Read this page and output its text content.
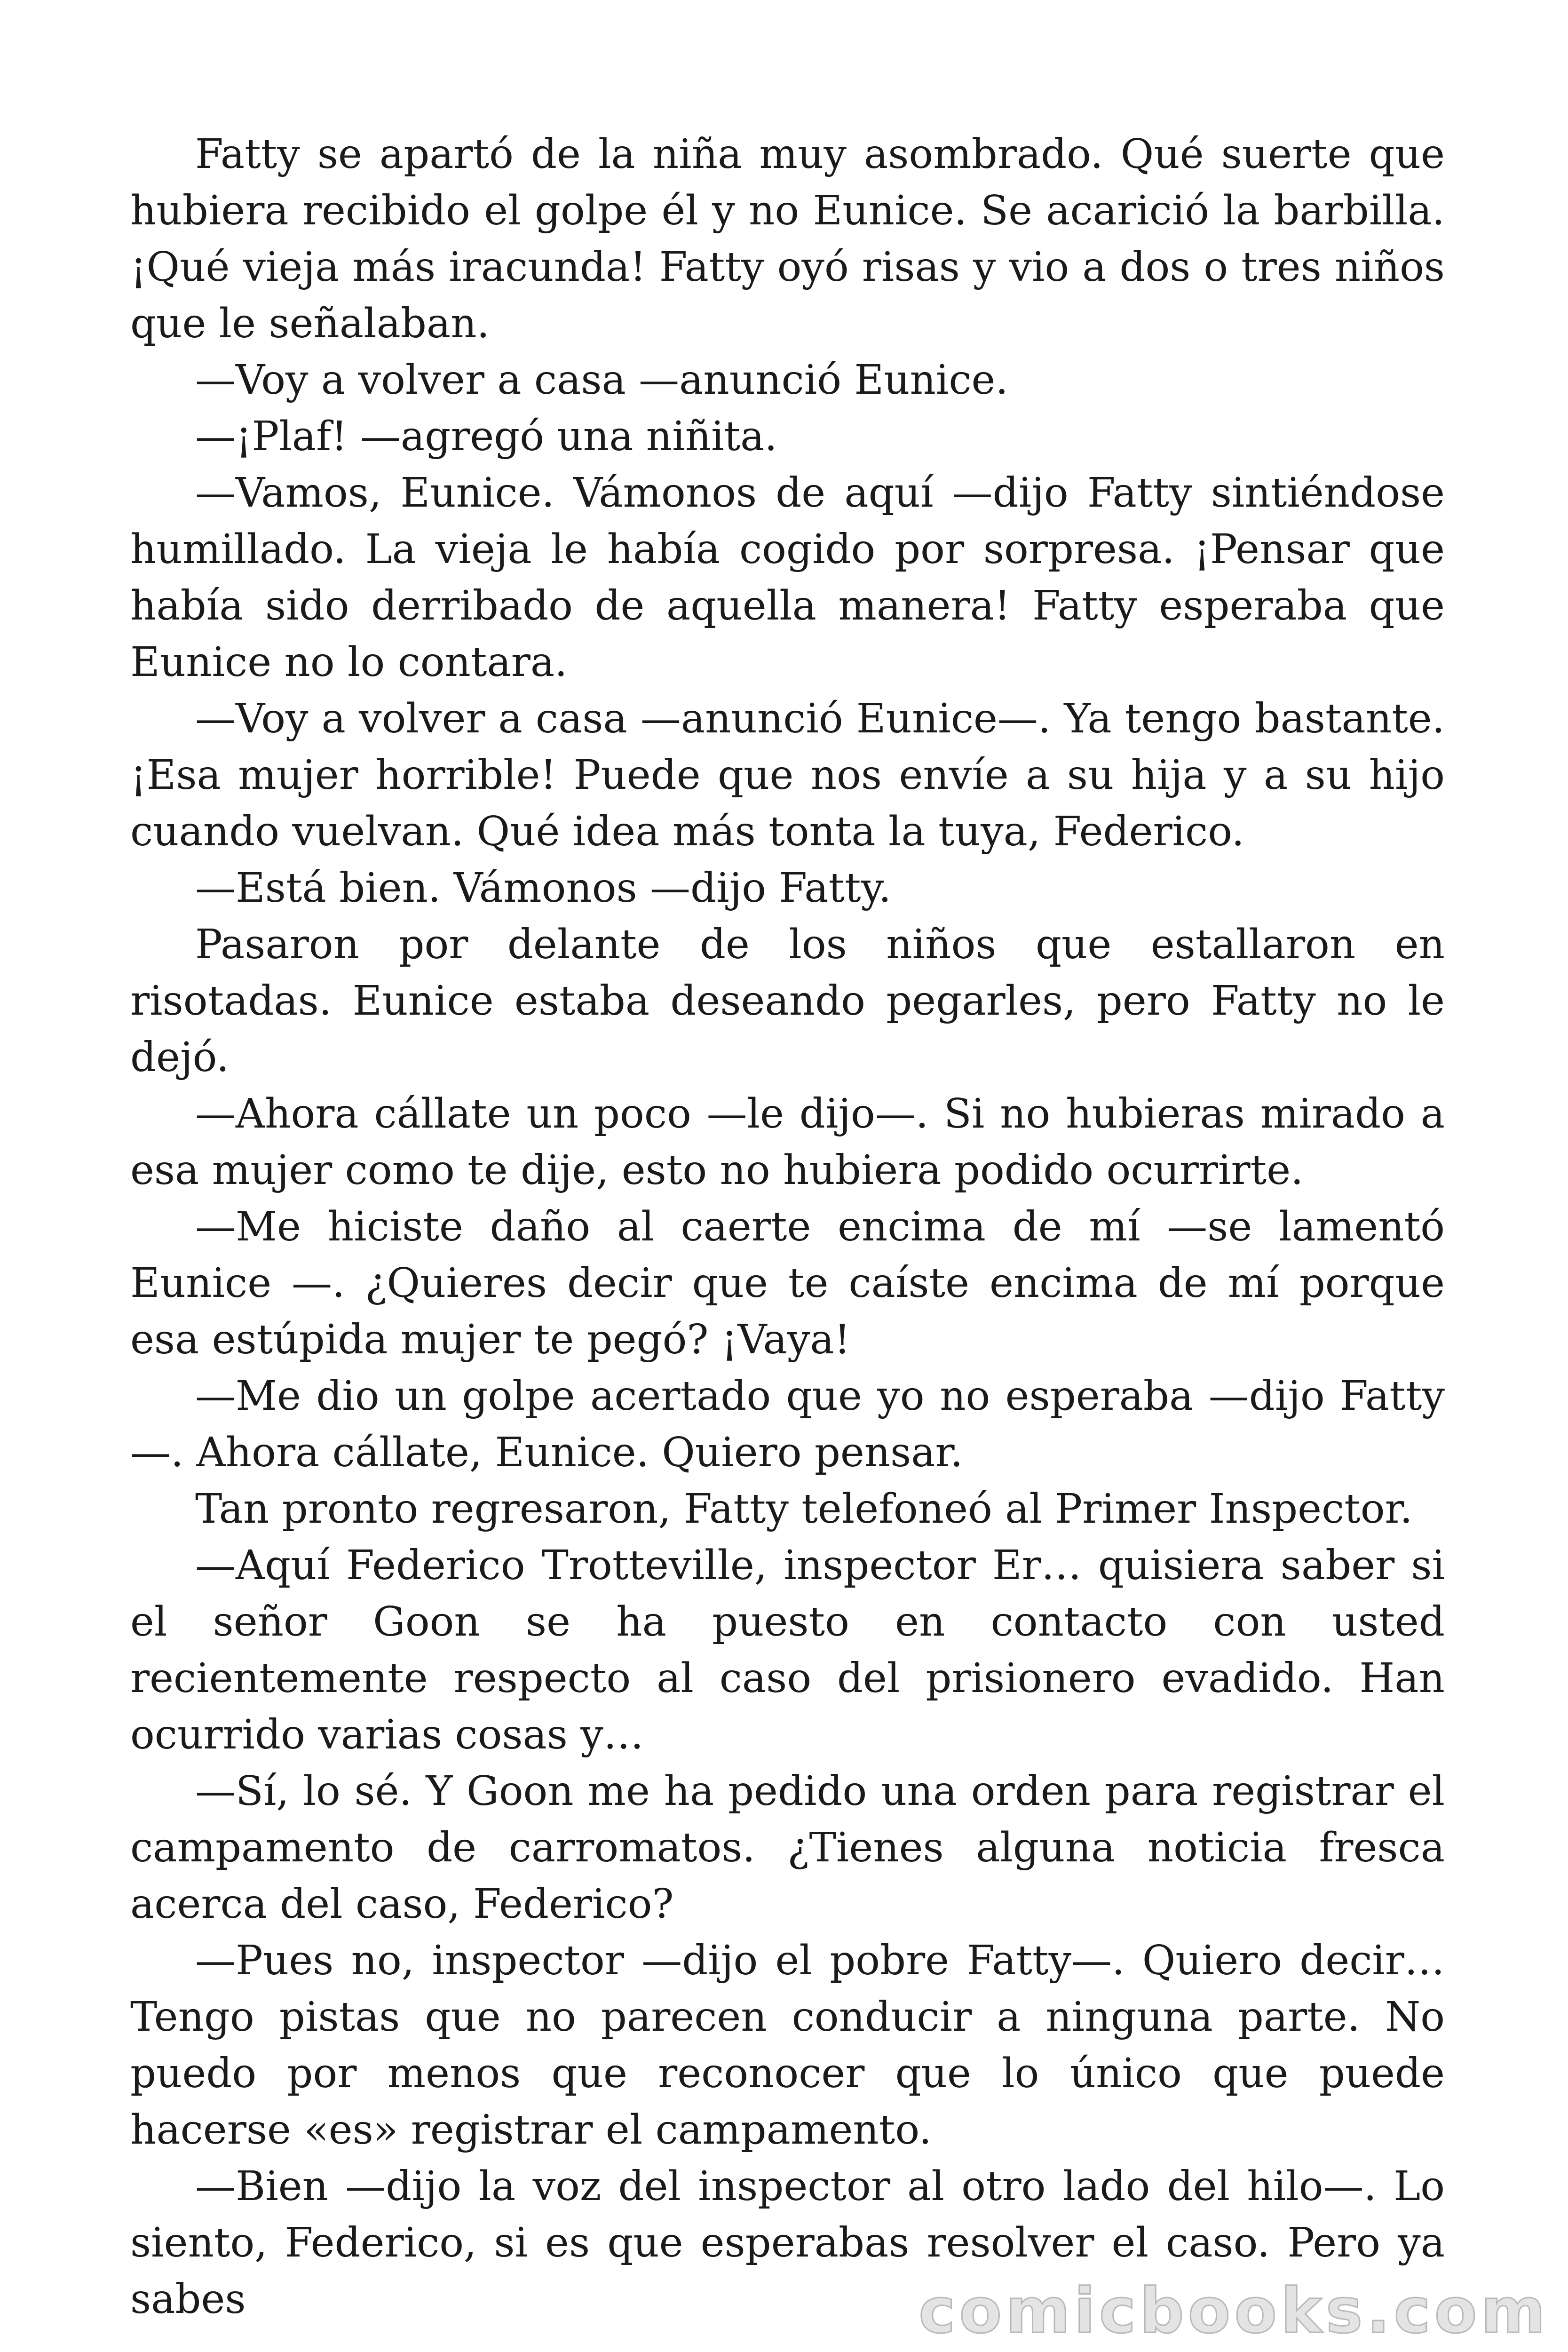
Fatty se apartó de la niña muy asombrado. Qué suerte que hubiera recibido el golpe él y no Eunice. Se acarició la barbilla. ¡Qué vieja más iracunda! Fatty oyó risas y vio a dos o tres niños que le señalaban.

—Voy a volver a casa —anunció Eunice.

—¡Plaf! —agregó una niñita.

—Vamos, Eunice. Vámonos de aquí —dijo Fatty sintiéndose humillado. La vieja le había cogido por sorpresa. ¡Pensar que había sido derribado de aquella manera! Fatty esperaba que Eunice no lo contara.

—Voy a volver a casa —anunció Eunice—. Ya tengo bastante. ¡Esa mujer horrible! Puede que nos envíe a su hija y a su hijo cuando vuelvan. Qué idea más tonta la tuya, Federico.

—Está bien. Vámonos —dijo Fatty.

Pasaron por delante de los niños que estallaron en risotadas. Eunice estaba deseando pegarles, pero Fatty no le dejó.

—Ahora cállate un poco —le dijo—. Si no hubieras mirado a esa mujer como te dije, esto no hubiera podido ocurrirte.

—Me hiciste daño al caerte encima de mí —se lamentó Eunice —. ¿Quieres decir que te caíste encima de mí porque esa estúpida mujer te pegó? ¡Vaya!

—Me dio un golpe acertado que yo no esperaba —dijo Fatty—. Ahora cállate, Eunice. Quiero pensar.

Tan pronto regresaron, Fatty telefoneó al Primer Inspector.

—Aquí Federico Trotteville, inspector Er… quisiera saber si el señor Goon se ha puesto en contacto con usted recientemente respecto al caso del prisionero evadido. Han ocurrido varias cosas y…

—Sí, lo sé. Y Goon me ha pedido una orden para registrar el campamento de carromatos. ¿Tienes alguna noticia fresca acerca del caso, Federico?

—Pues no, inspector —dijo el pobre Fatty—. Quiero decir… Tengo pistas que no parecen conducir a ninguna parte. No puedo por menos que reconocer que lo único que puede hacerse «es» registrar el campamento.

—Bien —dijo la voz del inspector al otro lado del hilo—. Lo siento, Federico, si es que esperabas resolver el caso. Pero ya sabes	comicbooks.com
